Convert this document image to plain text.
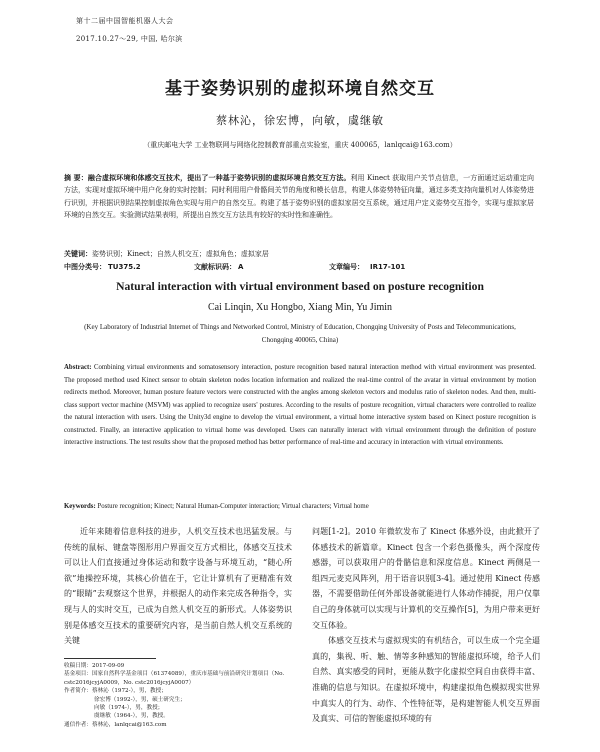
第十二届中国智能机器人大会
2017.10.27～29, 中国, 哈尔滨
基于姿势识别的虚拟环境自然交互
蔡林沁，徐宏博，向敏，虞继敏
（重庆邮电大学 工业物联网与网络化控制教育部重点实验室，重庆 400065，lanlqcai@163.com）
摘 要：融合虚拟环境和体感交互技术，提出了一种基于姿势识别的虚拟环境自然交互方法。利用 Kinect 获取用户关节点信息，一方面通过运动重定向方法，实现对虚拟环境中用户化身的实时控制；同时利用用户骨骼间关节的角度和模长信息，构建人体姿势特征向量，通过多类支持向量机对人体姿势进行识别，并根据识别结果控制虚拟角色实现与用户的自然交互。构建了基于姿势识别的虚拟家居交互系统，通过用户定义姿势交互指令，实现与虚拟家居环境的自然交互。实验测试结果表明，所提出自然交互方法具有较好的实时性和准确性。
关键词：姿势识别；Kinect；自然人机交互；虚拟角色；虚拟家居
中图分类号： TU375.2	文献标识码： A	文章编号： IR17-101
Natural interaction with virtual environment based on posture recognition
Cai Linqin, Xu Hongbo, Xiang Min, Yu Jimin
(Key Laboratory of Industrial Internet of Things and Networked Control, Ministry of Education, Chongqing University of Posts and Telecommunications, Chongqing 400065, China)
Abstract: Combining virtual environments and somatosensory interaction, posture recognition based natural interaction method with virtual environment was presented. The proposed method used Kinect sensor to obtain skeleton nodes location information and realized the real-time control of the avatar in virtual environment by motion redirects method. Moreover, human posture feature vectors were constructed with the angles among skeleton vectors and modulus ratio of skeleton nodes. And then, multi-class support vector machine (MSVM) was applied to recognize users' postures. According to the results of posture recognition, virtual characters were controlled to realize the natural interaction with users. Using the Unity3d engine to develop the virtual environment, a virtual home interactive system based on Kinect posture recognition is constructed. Finally, an interactive application to virtual home was developed. Users can naturally interact with virtual environment through the definition of posture interactive instructions. The test results show that the proposed method has better performance of real-time and accuracy in interaction with virtual environments.
Keywords: Posture recognition; Kinect; Natural Human-Computer interaction; Virtual characters; Virtual home

近年来随着信息科技的进步，人机交互技术也迅猛发展。与传统的鼠标、键盘等图形用户界面交互方式相比，体感交互技术可以让人们直接通过身体运动和数字设备与环境互动，“随心所欲”地操控环境，其核心价值在于，它让计算机有了更精准有效的“眼睛”去观察这个世界，并根据人的动作来完成各种指令，实现与人的实时交互，已成为自然人机交互的新形式。人体姿势识别是体感交互技术的重要研究内容，是当前自然人机交互系统的关键

问题[1-2]。2010 年微软发布了 Kinect 体感外设，由此掀开了体感技术的新篇章。Kinect 包含一个彩色摄像头，两个深度传感器，可以获取用户的骨骼信息和深度信息。Kinect 两侧是一组四元麦克风阵列，用于语音识别[3-4]。通过使用 Kinect 传感器，不需要借助任何外部设备就能进行人体动作捕捉，用户仅靠自己的身体就可以实现与计算机的交互操作[5]，为用户带来更好交互体验。

体感交互技术与虚拟现实的有机结合，可以生成一个完全逼真的，集视、听、触、情等多种感知的智能虚拟环境，给予人们自然、真实感受的同时，更能从数字化虚拟空间自由获得丰富、准确的信息与知识。在虚拟环境中，构建虚拟角色模拟现实世界中真实人的行为、动作、个性特征等，是构建智能人机交互界面及真实、可信的智能虚拟环境的有

收稿日期：2017-09-09
基金项目：国家自然科学基金项目（61374089），重庆市基础与前沿研究计划项目（No. cstc2016jcyjA0009，No. cstc2016jcyjA0007）
作者简介：蔡林沁（1972-），男，教授；
徐宏博（1992-），男，硕士研究生；
向敏（1974-），男，教授；
虞继敏（1964-），男，教授。
通信作者：蔡林沁，lanlqcai@163.com
